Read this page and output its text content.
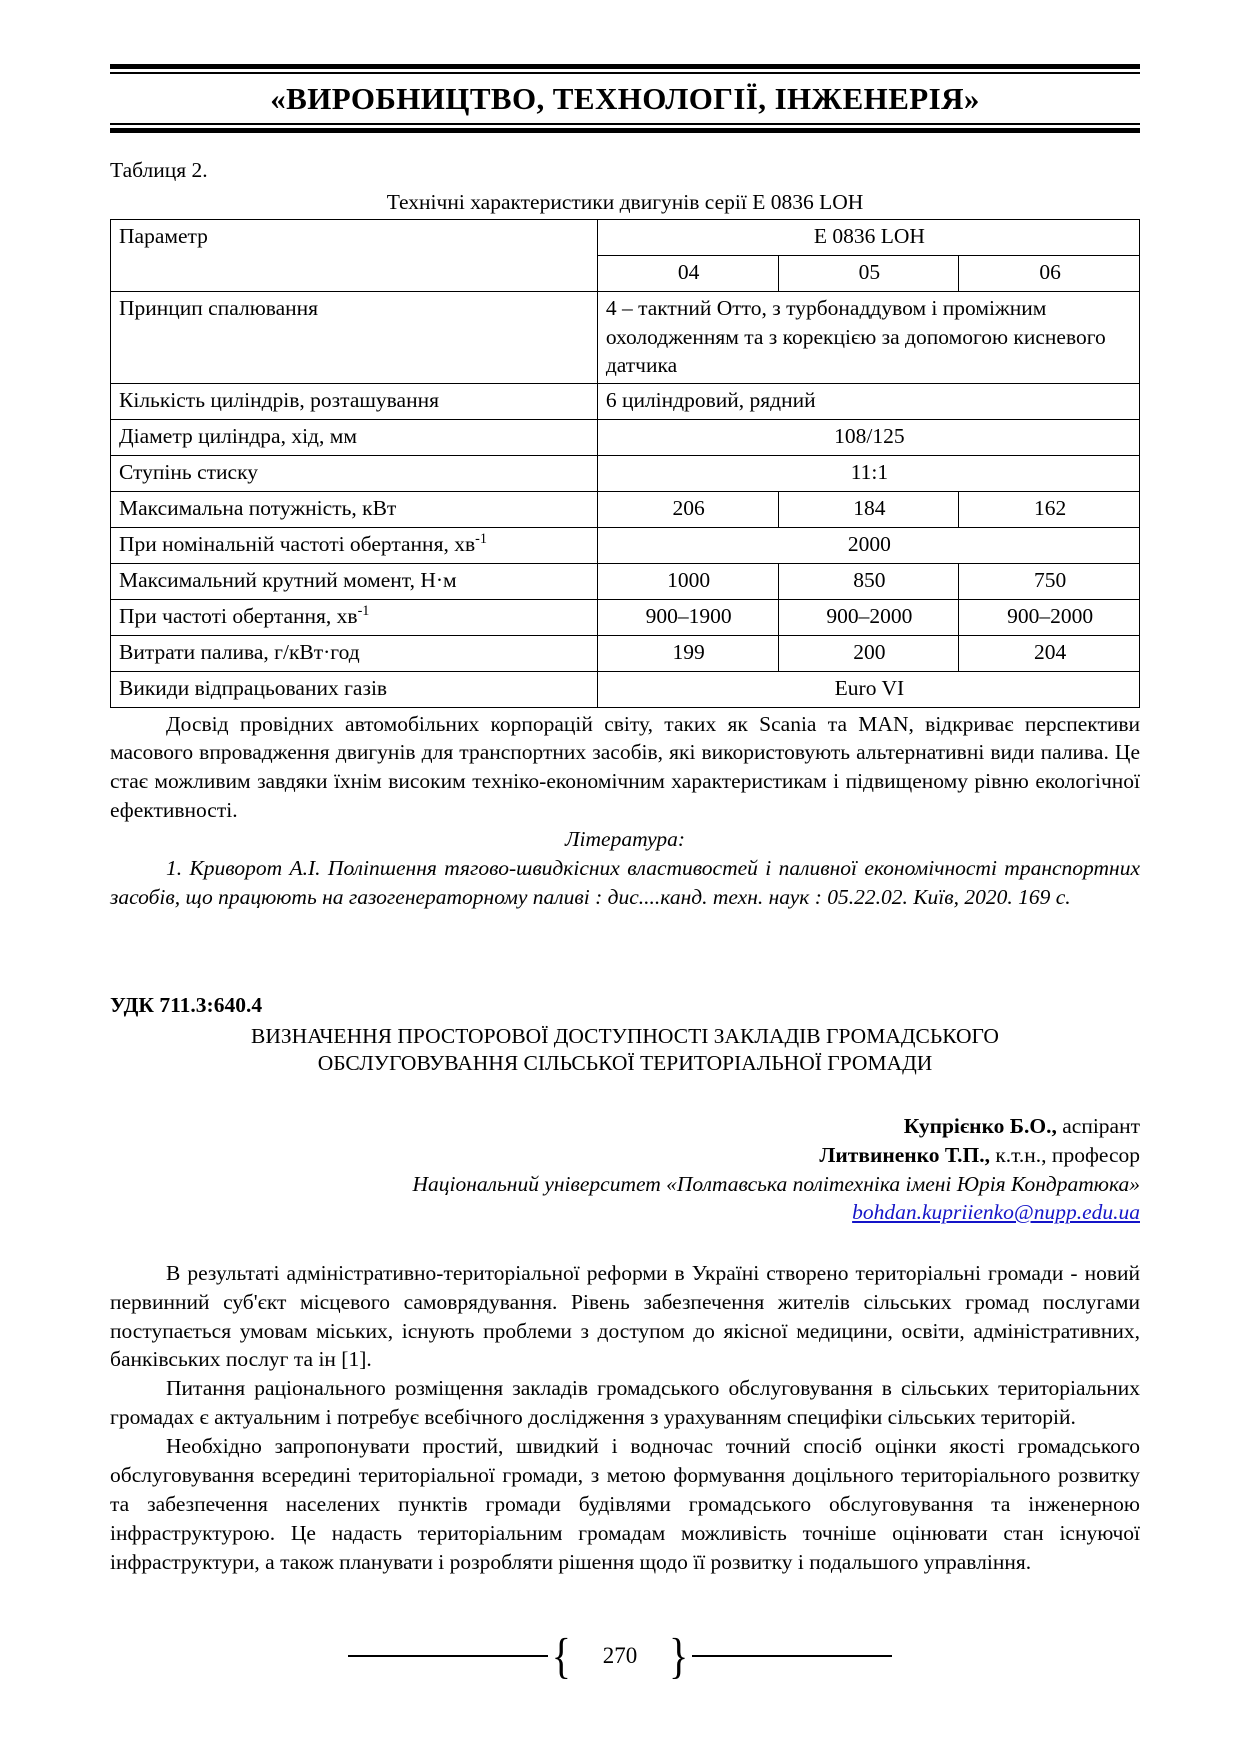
«ВИРОБНИЦТВО, ТЕХНОЛОГІЇ, ІНЖЕНЕРІЯ»
Таблиця 2.
Технічні характеристики двигунів серії E 0836 LOH
Параметр	E 0836 LOH		
	04	05	06
Принцип спалювання	4 – тактний Отто, з турбонаддувом і проміжним охолодженням та з корекцією за допомогою кисневого датчика		
Кількість циліндрів, розташування	6 циліндровий, рядний		
Діаметр циліндра, хід, мм	108/125		
Ступінь стиску	11:1		
Максимальна потужність, кВт	206	184	162
При номінальній частоті обертання, $хв^{-1}$	2000		
Максимальний крутний момент, Н·м	1000	850	750
При частоті обертання, $хв^{-1}$	900–1900	900–2000	900–2000
Витрати палива, г/кВт·год	199	200	204
Викиди відпрацьованих газів	Euro VI		

Досвід провідних автомобільних корпорацій світу, таких як Scania та MAN, відкриває перспективи масового впровадження двигунів для транспортних засобів, які використовують альтернативні види палива. Це стає можливим завдяки їхнім високим техніко-економічним характеристикам і підвищеному рівню екологічної ефективності.

Література:

1. Криворот А.І. Поліпшення тягово-швидкісних властивостей і паливної економічності транспортних засобів, що працюють на газогенераторному паливі : дис....канд. техн. наук : 05.22.02. Київ, 2020. 169 с.

УДК 711.3:640.4
ВИЗНАЧЕННЯ ПРОСТОРОВОЇ ДОСТУПНОСТІ ЗАКЛАДІВ ГРОМАДСЬКОГО
ОБСЛУГОВУВАННЯ СІЛЬСЬКОЇ ТЕРИТОРІАЛЬНОЇ ГРОМАДИ
Купрієнко Б.О., аспірант
Литвиненко Т.П., к.т.н., професор
Національний університет «Полтавська політехніка імені Юрія Кондратюка»
bohdan.kupriienko@nupp.edu.ua

В результаті адміністративно-територіальної реформи в Україні створено територіальні громади - новий первинний суб'єкт місцевого самоврядування. Рівень забезпечення жителів сільських громад послугами поступається умовам міських, існують проблеми з доступом до якісної медицини, освіти, адміністративних, банківських послуг та ін [1].

Питання раціонального розміщення закладів громадського обслуговування в сільських територіальних громадах є актуальним і потребує всебічного дослідження з урахуванням специфіки сільських територій.

Необхідно запропонувати простий, швидкий і водночас точний спосіб оцінки якості громадського обслуговування всередині територіальної громади, з метою формування доцільного територіального розвитку та забезпечення населених пунктів громади будівлями громадського обслуговування та інженерною інфраструктурою. Це надасть територіальним громадам можливість точніше оцінювати стан існуючої інфраструктури, а також планувати і розробляти рішення щодо її розвитку і подальшого управління.

{	270 }
